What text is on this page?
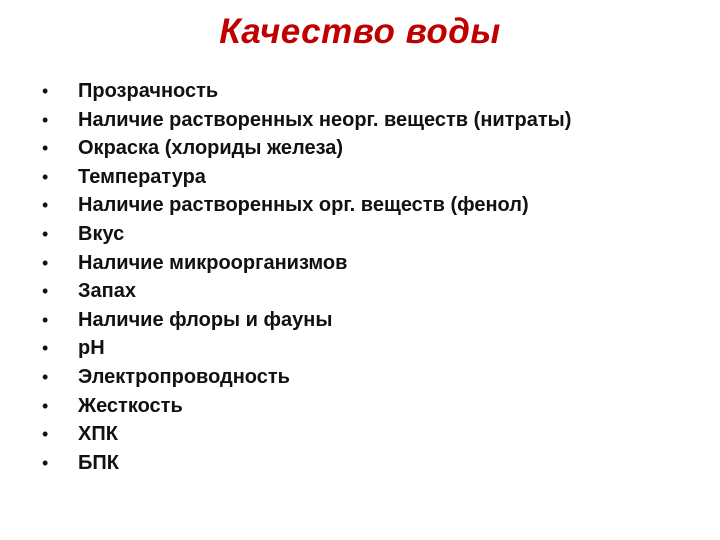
Качество воды
•	Прозрачность
•	Наличие растворенных неорг. веществ (нитраты)
•	Окраска (хлориды железа)
•	Температура
•	Наличие растворенных орг. веществ (фенол)
•	Вкус
•	Наличие микроорганизмов
•	Запах
•	Наличие флоры и фауны
•	pH
•	Электропроводность
•	Жесткость
•	ХПК
•	БПК
